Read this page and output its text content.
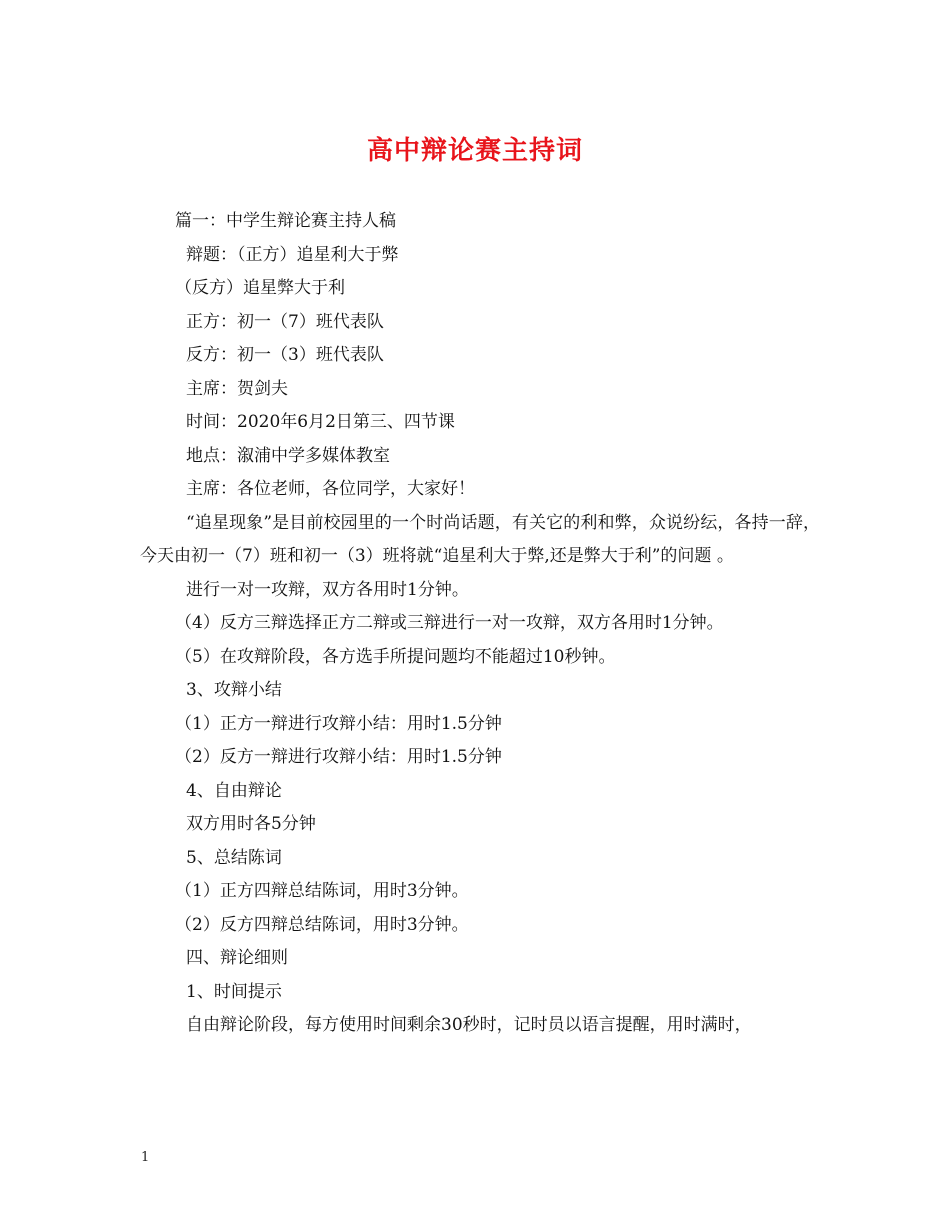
高中辩论赛主持词

篇一：中学生辩论赛主持人稿

辩题：（正方）追星利大于弊

（反方）追星弊大于利

正方：初一（7）班代表队

反方：初一（3）班代表队

主席：贺剑夫

时间：2020年6月2日第三、四节课

地点：溆浦中学多媒体教室

主席：各位老师，各位同学，大家好！

“追星现象”是目前校园里的一个时尚话题，有关它的利和弊，众说纷纭，各持一辞，今天由初一（7）班和初一（3）班将就“追星利大于弊,还是弊大于利”的问题 。

进行一对一攻辩，双方各用时1分钟。

（4）反方三辩选择正方二辩或三辩进行一对一攻辩，双方各用时1分钟。

（5）在攻辩阶段，各方选手所提问题均不能超过10秒钟。

3、攻辩小结

（1）正方一辩进行攻辩小结：用时1.5分钟

（2）反方一辩进行攻辩小结：用时1.5分钟

4、自由辩论

双方用时各5分钟

5、总结陈词

（1）正方四辩总结陈词，用时3分钟。

（2）反方四辩总结陈词，用时3分钟。

四、辩论细则

1、时间提示

自由辩论阶段，每方使用时间剩余30秒时，记时员以语言提醒，用时满时，

1
